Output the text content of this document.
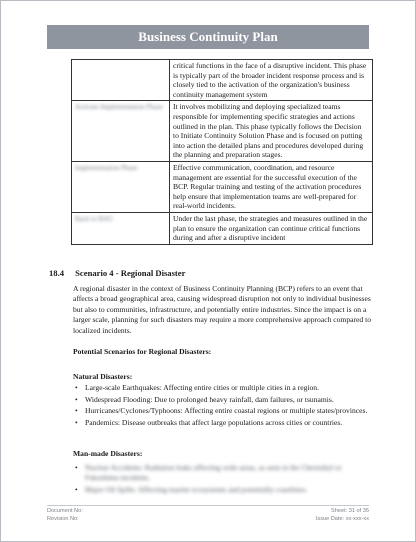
Business Continuity Plan
	critical functions in the face of a disruptive incident. This phase is typically part of the broader incident response process and is closely tied to the activation of the organization's business continuity management system

Activate Implementation Phase	It involves mobilizing and deploying specialized teams responsible for implementing specific strategies and actions outlined in the plan. This phase typically follows the Decision to Initiate Continuity Solution Phase and is focused on putting into action the detailed plans and procedures developed during the planning and preparation stages.

Implementation Phase	Effective communication, coordination, and resource management are essential for the successful execution of the BCP. Regular training and testing of the activation procedures help ensure that implementation teams are well-prepared for real-world incidents.

Back to BAU	Under the last phase, the strategies and measures outlined in the plan to ensure the organization can continue critical functions during and after a disruptive incident
18.4 Scenario 4 - Regional Disaster

A regional disaster in the context of Business Continuity Planning (BCP) refers to an event that affects a broad geographical area, causing widespread disruption not only to individual businesses but also to communities, infrastructure, and potentially entire industries. Since the impact is on a larger scale, planning for such disasters may require a more comprehensive approach compared to localized incidents.

Potential Scenarios for Regional Disasters:
Natural Disasters:
• Large-scale Earthquakes: Affecting entire cities or multiple cities in a region.
• Widespread Flooding: Due to prolonged heavy rainfall, dam failures, or tsunamis.
• Hurricanes/Cyclones/Typhoons: Affecting entire coastal regions or multiple states/provinces.
• Pandemics: Disease outbreaks that affect large populations across cities or countries.
Man-made Disasters:
• Nuclear Accidents: Radiation leaks affecting wide areas, as seen in the Chernobyl or Fukushima incidents.
• Major Oil Spills: Affecting marine ecosystems and potentially coastlines.
Document No:
Revision No:
Sheet: 31 of 35
Issue Date: xx-xxx-xx
